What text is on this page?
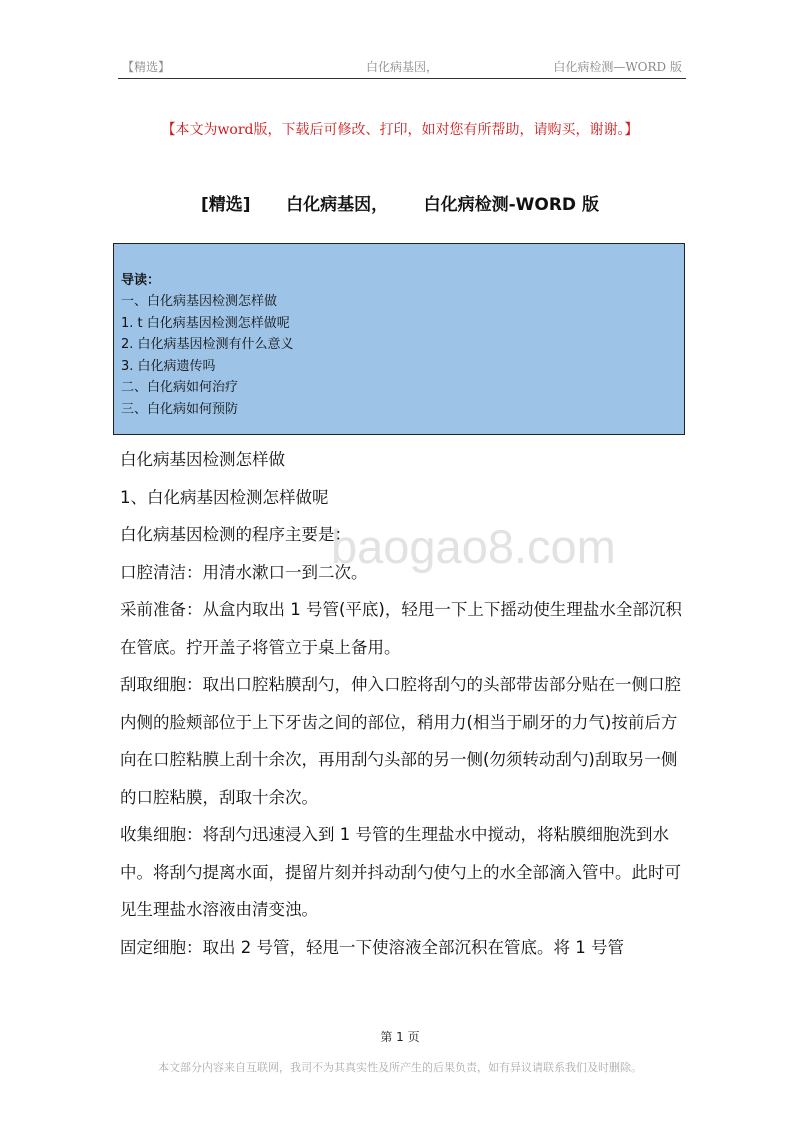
【精选】	白化病基因，	白化病检测—WORD 版
【本文为word版，下载后可修改、打印，如对您有所帮助，请购买，谢谢。】
[精选]      白化病基因，      白化病检测-WORD 版
导读：
一、白化病基因检测怎样做
1. t 白化病基因检测怎样做呢
2. 白化病基因检测有什么意义
3. 白化病遗传吗
二、白化病如何治疗
三、白化病如何预防
baogao8.com

白化病基因检测怎样做

1、白化病基因检测怎样做呢

白化病基因检测的程序主要是：

口腔清洁：用清水漱口一到二次。

采前准备：从盒内取出 1 号管(平底)，轻甩一下上下摇动使生理盐水全部沉积在管底。拧开盖子将管立于桌上备用。

刮取细胞：取出口腔粘膜刮勺，伸入口腔将刮勺的头部带齿部分贴在一侧口腔内侧的脸颊部位于上下牙齿之间的部位，稍用力(相当于刷牙的力气)按前后方向在口腔粘膜上刮十余次，再用刮勺头部的另一侧(勿须转动刮勺)刮取另一侧的口腔粘膜，刮取十余次。

收集细胞：将刮勺迅速浸入到 1 号管的生理盐水中搅动，将粘膜细胞洗到水中。将刮勺提离水面，提留片刻并抖动刮勺使勺上的水全部滴入管中。此时可见生理盐水溶液由清变浊。

固定细胞：取出 2 号管，轻甩一下使溶液全部沉积在管底。将 1 号管

第 1 页
本文部分内容来自互联网，我司不为其真实性及所产生的后果负责，如有异议请联系我们及时删除。
